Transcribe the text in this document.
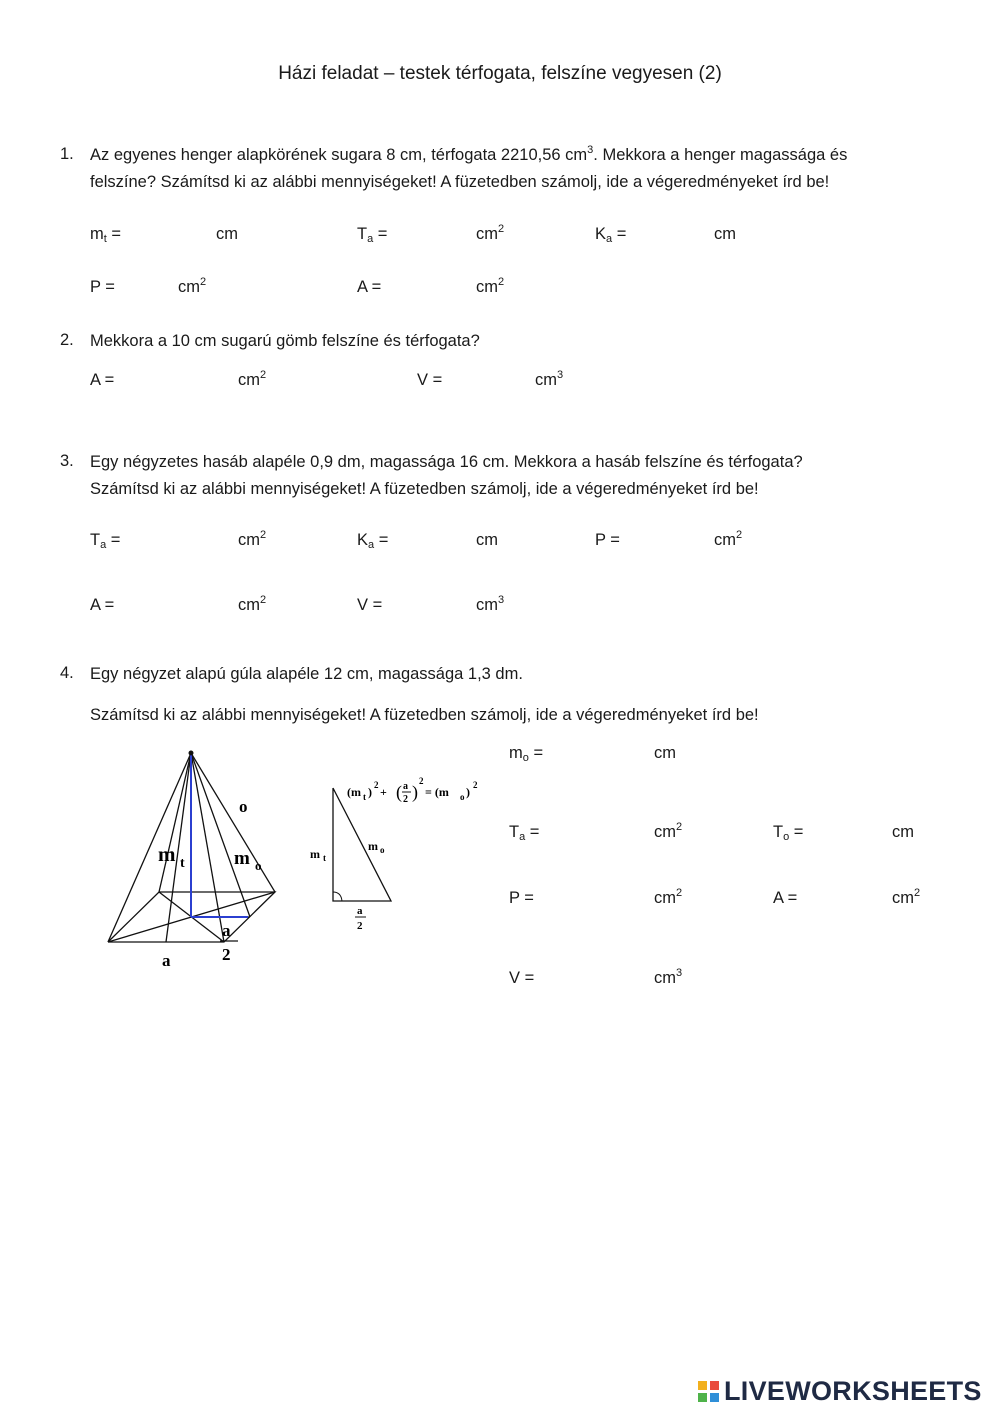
Házi feladat – testek térfogata, felszíne vegyesen (2)
1. Az egyenes henger alapkörének sugara 8 cm, térfogata 2210,56 $cm^3$. Mekkora a henger magassága és
felszíne? Számítsd ki az alábbi mennyiségeket! A füzetedben számolj, ide a végeredményeket írd be!
$m_t$ =	cm	$T_a$ =	$cm^2$	$K_a$ =	cm
P =	$cm^2$	A =	$cm^2$
2. Mekkora a 10 cm sugarú gömb felszíne és térfogata?
A =	$cm^2$	V =	$cm^3$
3. Egy négyzetes hasáb alapéle 0,9 dm, magassága 16 cm. Mekkora a hasáb felszíne és térfogata?
Számítsd ki az alábbi mennyiségeket! A füzetedben számolj, ide a végeredményeket írd be!
$T_a$ =	$cm^2$	$K_a$ =	cm	P =	$cm^2$
A =	$cm^2$	V =	$cm^3$
4. Egy négyzet alapú gúla alapéle 12 cm, magassága 1,3 dm.
Számítsd ki az alábbi mennyiségeket! A füzetedben számolj, ide a végeredményeket írd be!
o
m t	m o
a
2
a
(m t ) 2 + ( a
2 )
2
= (m o ) 2
m t
m o
a
2
$m_o$ =	cm
$T_a$ =	$cm^2$	$T_o$ =	cm
P =	$cm^2$	A =	$cm^2$
V =	$cm^3$
LIVEWORKSHEETS
